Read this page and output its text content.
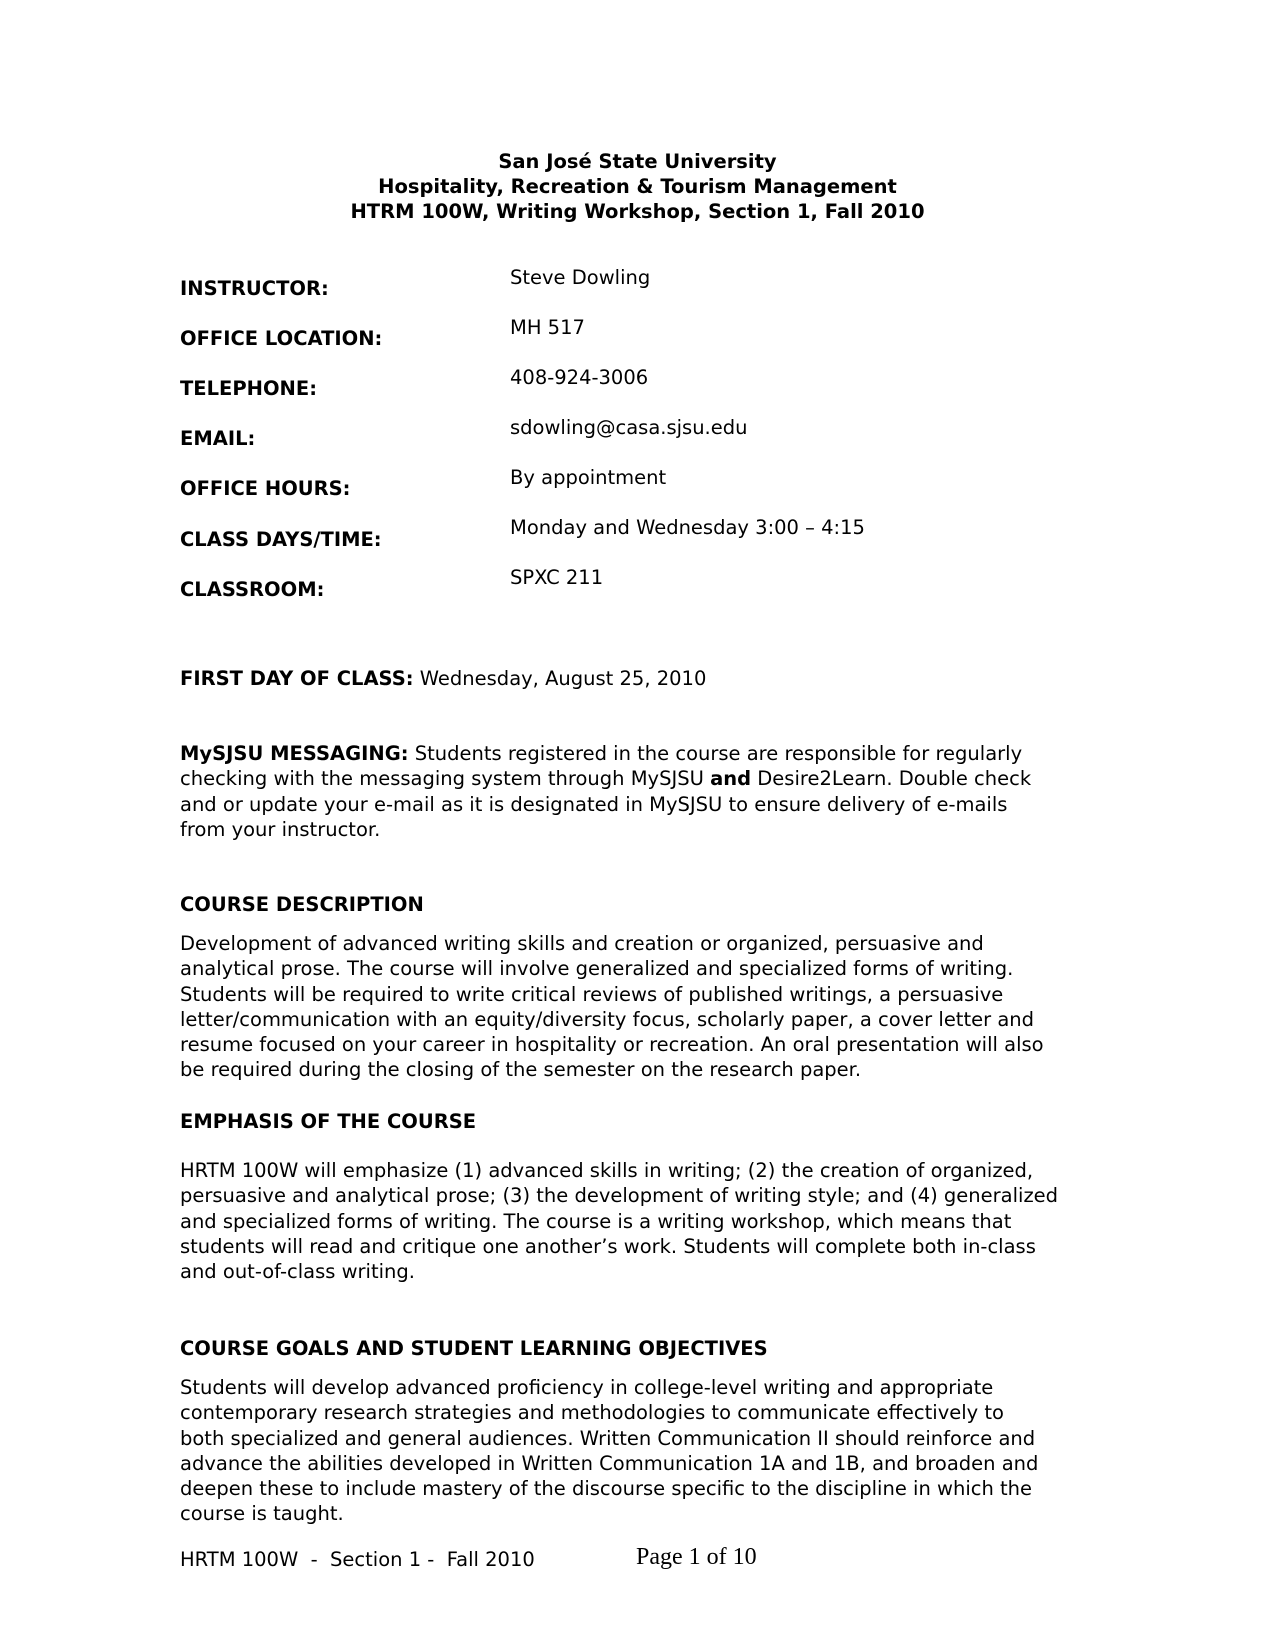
San José State University
Hospitality, Recreation & Tourism Management
HTRM 100W, Writing Workshop, Section 1, Fall 2010
INSTRUCTOR:	Steve Dowling
OFFICE LOCATION:	MH 517
TELEPHONE:	408-924-3006
EMAIL:	sdowling@casa.sjsu.edu
OFFICE HOURS:	By appointment
CLASS DAYS/TIME:
Monday and Wednesday 3:00 – 4:15
CLASSROOM:
SPXC 211
FIRST DAY OF CLASS: Wednesday, August 25, 2010
MySJSU MESSAGING: Students registered in the course are responsible for regularly
checking with the messaging system through MySJSU and Desire2Learn. Double check
and or update your e-mail as it is designated in MySJSU to ensure delivery of e-mails
from your instructor.
COURSE DESCRIPTION
Development of advanced writing skills and creation or organized, persuasive and
analytical prose. The course will involve generalized and specialized forms of writing.
Students will be required to write critical reviews of published writings, a persuasive
letter/communication with an equity/diversity focus, scholarly paper, a cover letter and
resume focused on your career in hospitality or recreation. An oral presentation will also
be required during the closing of the semester on the research paper.
EMPHASIS OF THE COURSE
HRTM 100W will emphasize (1) advanced skills in writing; (2) the creation of organized,
persuasive and analytical prose; (3) the development of writing style; and (4) generalized
and specialized forms of writing. The course is a writing workshop, which means that
students will read and critique one another’s work. Students will complete both in-class
and out-of-class writing.
COURSE GOALS AND STUDENT LEARNING OBJECTIVES
Students will develop advanced proficiency in college-level writing and appropriate
contemporary research strategies and methodologies to communicate effectively to
both specialized and general audiences. Written Communication II should reinforce and
advance the abilities developed in Written Communication 1A and 1B, and broaden and
deepen these to include mastery of the discourse specific to the discipline in which the
course is taught.
HRTM 100W  -  Section 1 -  Fall 2010	Page 1 of 10
